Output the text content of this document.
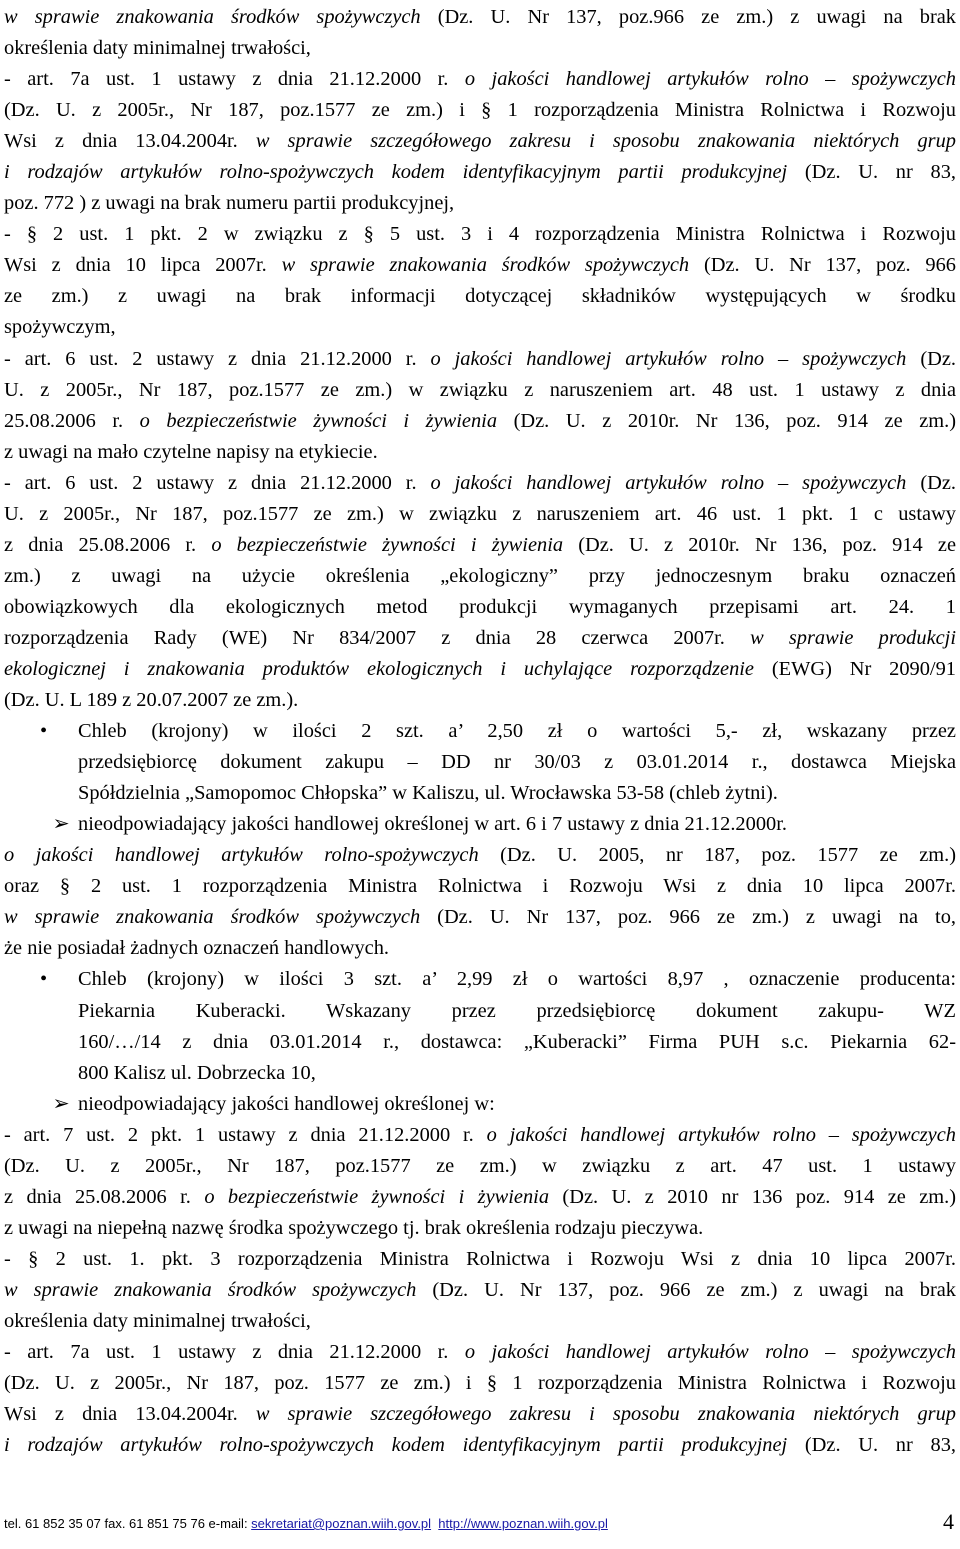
w sprawie znakowania środków spożywczych (Dz. U. Nr 137, poz.966 ze zm.) z uwagi na brak
określenia daty minimalnej trwałości,
- art. 7a ust. 1 ustawy z dnia 21.12.2000 r. o jakości handlowej artykułów rolno – spożywczych
(Dz. U. z 2005r., Nr 187, poz.1577 ze zm.) i § 1 rozporządzenia Ministra Rolnictwa i Rozwoju
Wsi z dnia 13.04.2004r. w sprawie szczegółowego zakresu i sposobu znakowania niektórych grup
i rodzajów artykułów rolno-spożywczych kodem identyfikacyjnym partii produkcyjnej (Dz. U. nr 83,
poz. 772 ) z uwagi na brak numeru partii produkcyjnej,
- § 2 ust. 1 pkt. 2 w związku z § 5 ust. 3 i 4 rozporządzenia Ministra Rolnictwa i Rozwoju
Wsi z dnia 10 lipca 2007r. w sprawie znakowania środków spożywczych (Dz. U. Nr 137, poz. 966
ze zm.) z uwagi na brak informacji dotyczącej składników występujących w środku
spożywczym,
- art. 6 ust. 2 ustawy z dnia 21.12.2000 r. o jakości handlowej artykułów rolno – spożywczych (Dz.
U. z 2005r., Nr 187, poz.1577 ze zm.) w związku z naruszeniem art. 48 ust. 1 ustawy z dnia
25.08.2006 r. o bezpieczeństwie żywności i żywienia (Dz. U. z 2010r. Nr 136, poz. 914 ze zm.)
z uwagi na mało czytelne napisy na etykiecie.
- art. 6 ust. 2 ustawy z dnia 21.12.2000 r. o jakości handlowej artykułów rolno – spożywczych (Dz.
U. z 2005r., Nr 187, poz.1577 ze zm.) w związku z naruszeniem art. 46 ust. 1 pkt. 1 c ustawy
z dnia 25.08.2006 r. o bezpieczeństwie żywności i żywienia (Dz. U. z 2010r. Nr 136, poz. 914 ze
zm.) z uwagi na użycie określenia „ekologiczny” przy jednoczesnym braku oznaczeń
obowiązkowych dla ekologicznych metod produkcji wymaganych przepisami art. 24. 1
rozporządzenia Rady (WE) Nr 834/2007 z dnia 28 czerwca 2007r. w sprawie produkcji
ekologicznej i znakowania produktów ekologicznych i uchylające rozporządzenie (EWG) Nr 2090/91
(Dz. U. L 189 z 20.07.2007 ze zm.).
• Chleb (krojony) w ilości 2 szt. a’ 2,50 zł o wartości 5,- zł, wskazany przez
przedsiębiorcę dokument zakupu – DD nr 30/03 z 03.01.2014 r., dostawca Miejska
Spółdzielnia „Samopomoc Chłopska” w Kaliszu, ul. Wrocławska 53-58 (chleb żytni).
➢ nieodpowiadający jakości handlowej określonej w art. 6 i 7 ustawy z dnia 21.12.2000r.
o jakości handlowej artykułów rolno-spożywczych (Dz. U. 2005, nr 187, poz. 1577 ze zm.)
oraz § 2 ust. 1 rozporządzenia Ministra Rolnictwa i Rozwoju Wsi z dnia 10 lipca 2007r.
w sprawie znakowania środków spożywczych (Dz. U. Nr 137, poz. 966 ze zm.) z uwagi na to,
że nie posiadał żadnych oznaczeń handlowych.
• Chleb (krojony) w ilości 3 szt. a’ 2,99 zł o wartości 8,97 , oznaczenie producenta:
Piekarnia Kuberacki. Wskazany przez przedsiębiorcę dokument zakupu- WZ
160/…/14 z dnia 03.01.2014 r., dostawca: „Kuberacki” Firma PUH s.c. Piekarnia 62-
800 Kalisz ul. Dobrzecka 10,
➢ nieodpowiadający jakości handlowej określonej w:
- art. 7 ust. 2 pkt. 1 ustawy z dnia 21.12.2000 r. o jakości handlowej artykułów rolno – spożywczych
(Dz. U. z 2005r., Nr 187, poz.1577 ze zm.) w związku z art. 47 ust. 1 ustawy
z dnia 25.08.2006 r. o bezpieczeństwie żywności i żywienia (Dz. U. z 2010 nr 136 poz. 914 ze zm.)
z uwagi na niepełną nazwę środka spożywczego tj. brak określenia rodzaju pieczywa.
- § 2 ust. 1. pkt. 3 rozporządzenia Ministra Rolnictwa i Rozwoju Wsi z dnia 10 lipca 2007r.
w sprawie znakowania środków spożywczych (Dz. U. Nr 137, poz. 966 ze zm.) z uwagi na brak
określenia daty minimalnej trwałości,
- art. 7a ust. 1 ustawy z dnia 21.12.2000 r. o jakości handlowej artykułów rolno – spożywczych
(Dz. U. z 2005r., Nr 187, poz. 1577 ze zm.) i § 1 rozporządzenia Ministra Rolnictwa i Rozwoju
Wsi z dnia 13.04.2004r. w sprawie szczegółowego zakresu i sposobu znakowania niektórych grup
i rodzajów artykułów rolno-spożywczych kodem identyfikacyjnym partii produkcyjnej (Dz. U. nr 83,
tel. 61 852 35 07 fax. 61 851 75 76 e-mail: sekretariat@poznan.wiih.gov.pl http://www.poznan.wiih.gov.pl	4
